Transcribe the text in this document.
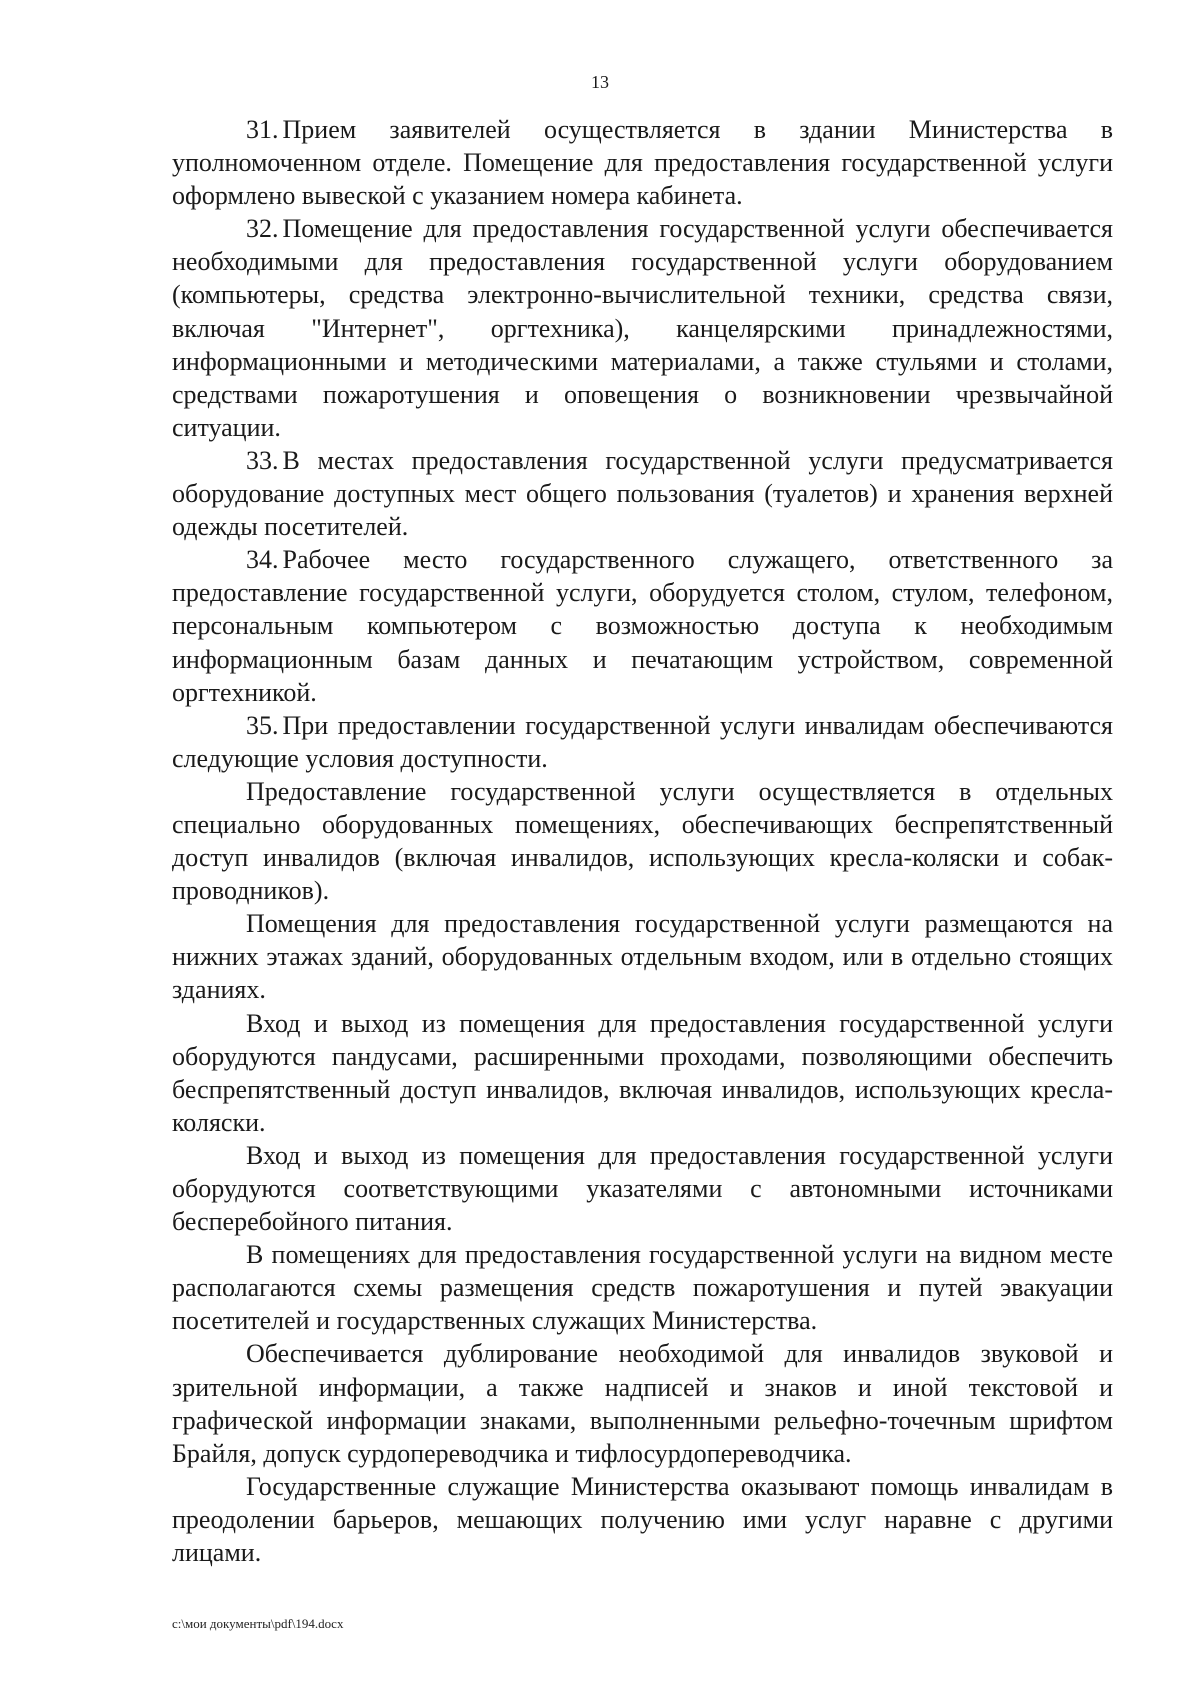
13

31. Прием заявителей осуществляется в здании Министерства в уполномоченном отделе. Помещение для предоставления государственной услуги оформлено вывеской с указанием номера кабинета.

32. Помещение для предоставления государственной услуги обеспечивается необходимыми для предоставления государственной услуги оборудованием (компьютеры, средства электронно-вычислительной техники, средства связи, включая "Интернет", оргтехника), канцелярскими принадлежностями, информационными и методическими материалами, а также стульями и столами, средствами пожаротушения и оповещения о возникновении чрезвычайной ситуации.

33. В местах предоставления государственной услуги предусматривается оборудование доступных мест общего пользования (туалетов) и хранения верхней одежды посетителей.

34. Рабочее место государственного служащего, ответственного за предоставление государственной услуги, оборудуется столом, стулом, телефоном, персональным компьютером с возможностью доступа к необходимым информационным базам данных и печатающим устройством, современной оргтехникой.

35. При предоставлении государственной услуги инвалидам обеспечиваются следующие условия доступности.

Предоставление государственной услуги осуществляется в отдельных специально оборудованных помещениях, обеспечивающих беспрепятственный доступ инвалидов (включая инвалидов, использующих кресла-коляски и собак-проводников).

Помещения для предоставления государственной услуги размещаются на нижних этажах зданий, оборудованных отдельным входом, или в отдельно стоящих зданиях.

Вход и выход из помещения для предоставления государственной услуги оборудуются пандусами, расширенными проходами, позволяющими обеспечить беспрепятственный доступ инвалидов, включая инвалидов, использующих кресла-коляски.

Вход и выход из помещения для предоставления государственной услуги оборудуются соответствующими указателями с автономными источниками бесперебойного питания.

В помещениях для предоставления государственной услуги на видном месте располагаются схемы размещения средств пожаротушения и путей эвакуации посетителей и государственных служащих Министерства.

Обеспечивается дублирование необходимой для инвалидов звуковой и зрительной информации, а также надписей и знаков и иной текстовой и графической информации знаками, выполненными рельефно-точечным шрифтом Брайля, допуск сурдопереводчика и тифлосурдопереводчика.

Государственные служащие Министерства оказывают помощь инвалидам в преодолении барьеров, мешающих получению ими услуг наравне с другими лицами.

c:\мои документы\pdf\194.docx
